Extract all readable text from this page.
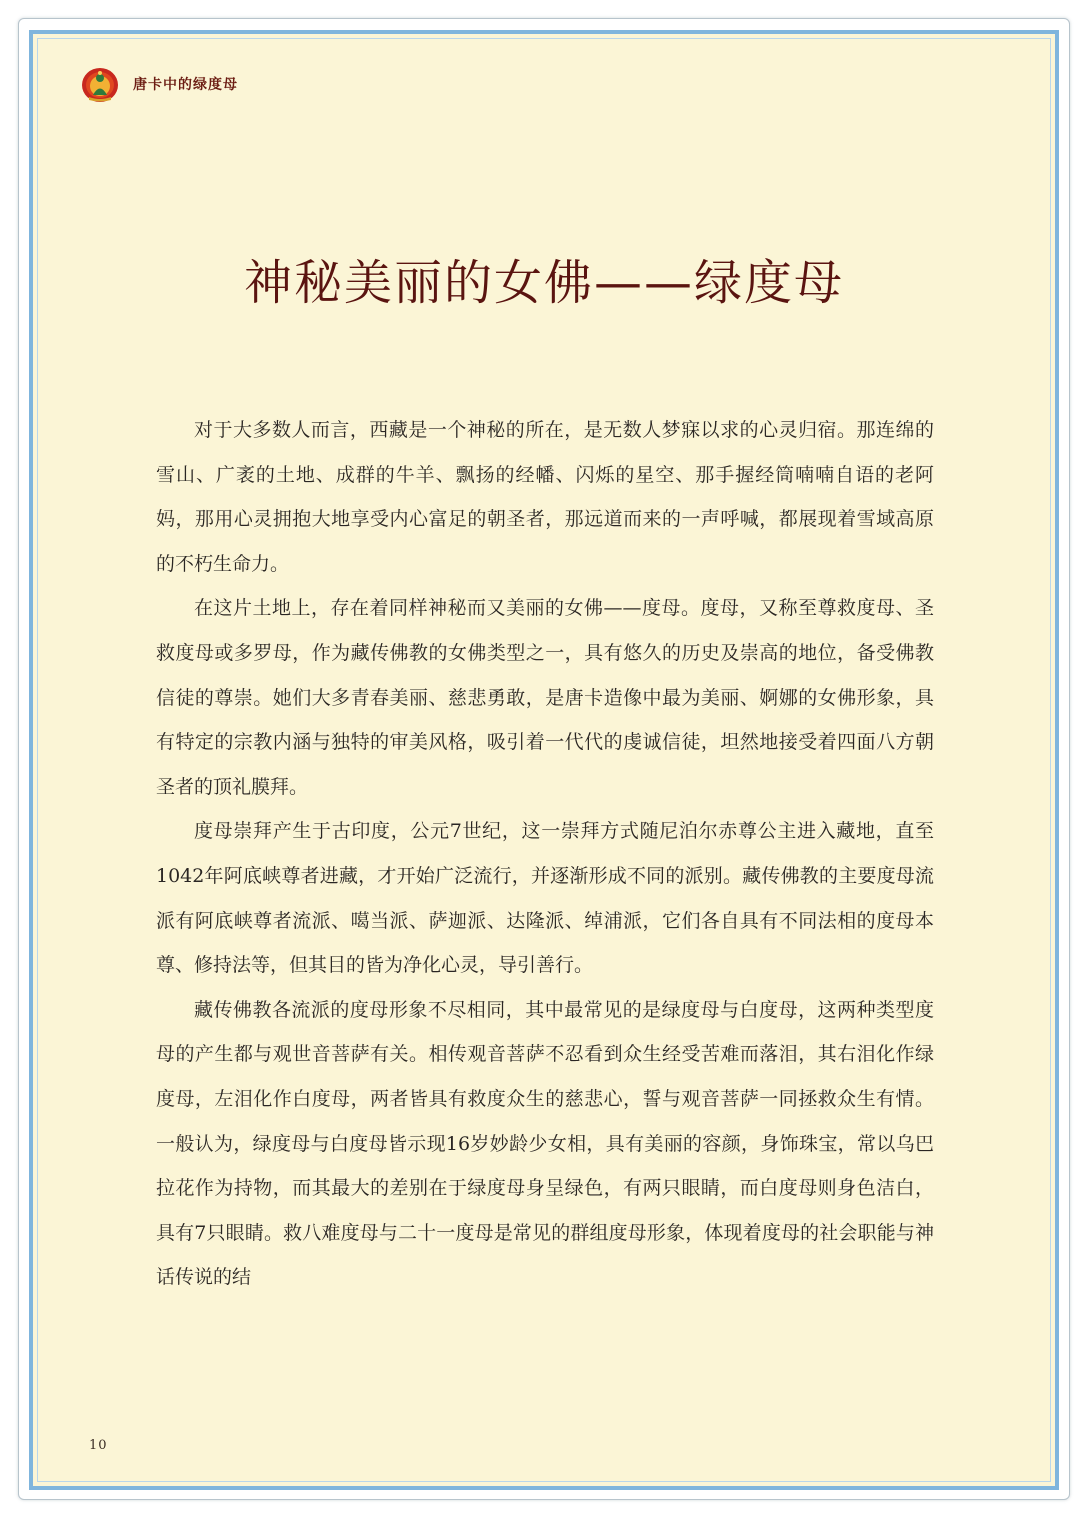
唐卡中的绿度母
神秘美丽的女佛——绿度母

对于大多数人而言，西藏是一个神秘的所在，是无数人梦寐以求的心灵归宿。那连绵的雪山、广袤的土地、成群的牛羊、飘扬的经幡、闪烁的星空、那手握经筒喃喃自语的老阿妈，那用心灵拥抱大地享受内心富足的朝圣者，那远道而来的一声呼喊，都展现着雪域高原的不朽生命力。

在这片土地上，存在着同样神秘而又美丽的女佛——度母。度母，又称至尊救度母、圣救度母或多罗母，作为藏传佛教的女佛类型之一，具有悠久的历史及崇高的地位，备受佛教信徒的尊崇。她们大多青春美丽、慈悲勇敢，是唐卡造像中最为美丽、婀娜的女佛形象，具有特定的宗教内涵与独特的审美风格，吸引着一代代的虔诚信徒，坦然地接受着四面八方朝圣者的顶礼膜拜。

度母崇拜产生于古印度，公元7世纪，这一崇拜方式随尼泊尔赤尊公主进入藏地，直至1042年阿底峡尊者进藏，才开始广泛流行，并逐渐形成不同的派别。藏传佛教的主要度母流派有阿底峡尊者流派、噶当派、萨迦派、达隆派、绰浦派，它们各自具有不同法相的度母本尊、修持法等，但其目的皆为净化心灵，导引善行。

藏传佛教各流派的度母形象不尽相同，其中最常见的是绿度母与白度母，这两种类型度母的产生都与观世音菩萨有关。相传观音菩萨不忍看到众生经受苦难而落泪，其右泪化作绿度母，左泪化作白度母，两者皆具有救度众生的慈悲心，誓与观音菩萨一同拯救众生有情。一般认为，绿度母与白度母皆示现16岁妙龄少女相，具有美丽的容颜，身饰珠宝，常以乌巴拉花作为持物，而其最大的差别在于绿度母身呈绿色，有两只眼睛，而白度母则身色洁白，具有7只眼睛。救八难度母与二十一度母是常见的群组度母形象，体现着度母的社会职能与神话传说的结

10
